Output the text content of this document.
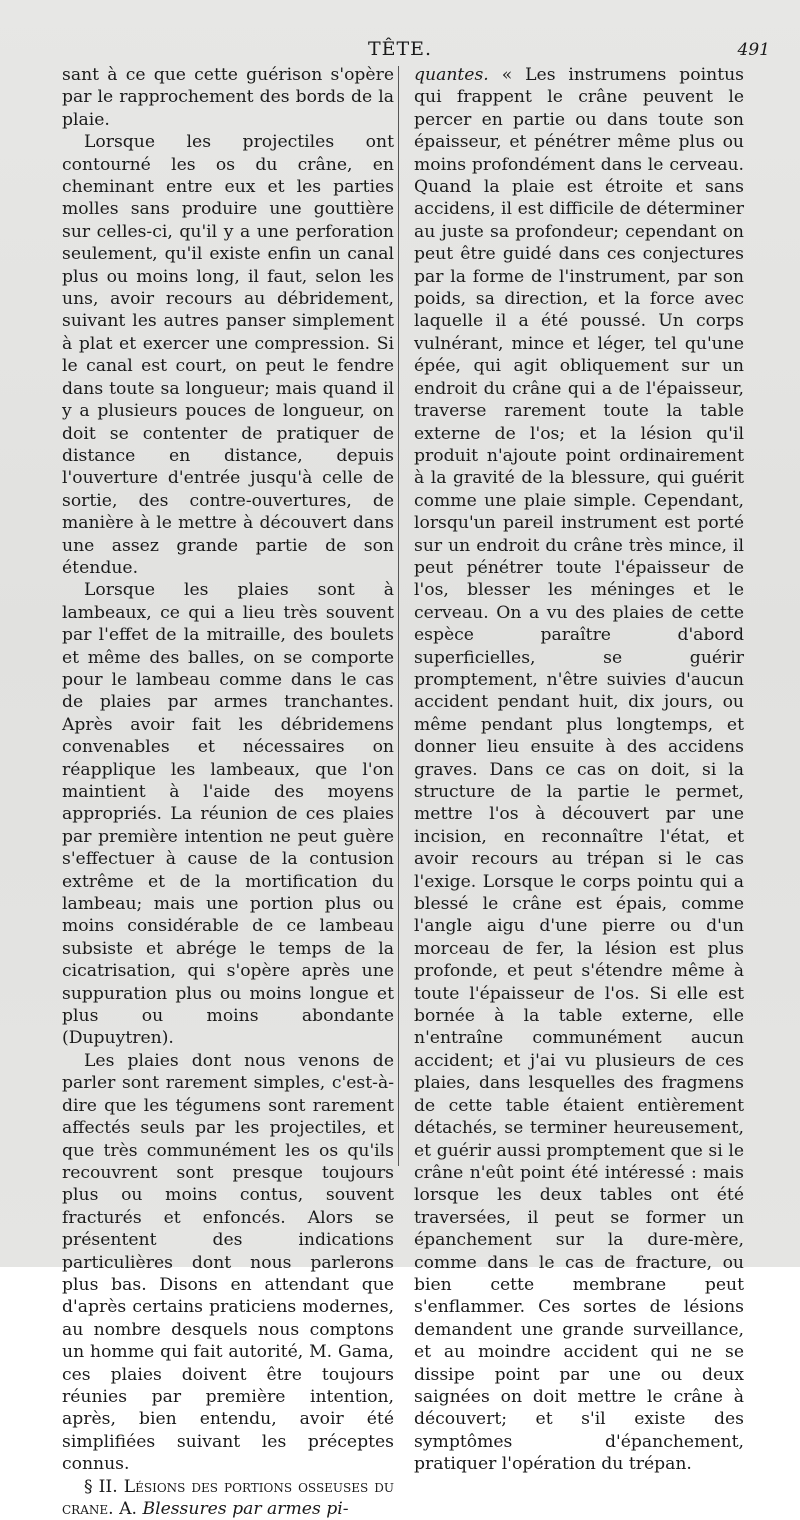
TÊTE.	491

sant à ce que cette guérison s'opère par le rapprochement des bords de la plaie.

Lorsque les projectiles ont contourné les os du crâne, en cheminant entre eux et les parties molles sans produire une gouttière sur celles-ci, qu'il y a une perforation seulement, qu'il existe enfin un canal plus ou moins long, il faut, selon les uns, avoir recours au débridement, suivant les autres panser simplement à plat et exercer une compression. Si le canal est court, on peut le fendre dans toute sa longueur; mais quand il y a plusieurs pouces de longueur, on doit se contenter de pratiquer de distance en distance, depuis l'ouverture d'entrée jusqu'à celle de sortie, des contre-ouvertures, de manière à le mettre à découvert dans une assez grande partie de son étendue.

Lorsque les plaies sont à lambeaux, ce qui a lieu très souvent par l'effet de la mitraille, des boulets et même des balles, on se comporte pour le lambeau comme dans le cas de plaies par armes tranchantes. Après avoir fait les débridemens convenables et nécessaires on réapplique les lambeaux, que l'on maintient à l'aide des moyens appropriés. La réunion de ces plaies par première intention ne peut guère s'effectuer à cause de la contusion extrême et de la mortification du lambeau; mais une portion plus ou moins considérable de ce lambeau subsiste et abrége le temps de la cicatrisation, qui s'opère après une suppuration plus ou moins longue et plus ou moins abondante (Dupuytren).

Les plaies dont nous venons de parler sont rarement simples, c'est-à-dire que les tégumens sont rarement affectés seuls par les projectiles, et que très communément les os qu'ils recouvrent sont presque toujours plus ou moins contus, souvent fracturés et enfoncés. Alors se présentent des indications particulières dont nous parlerons plus bas. Disons en attendant que d'après certains praticiens modernes, au nombre desquels nous comptons un homme qui fait autorité, M. Gama, ces plaies doivent être toujours réunies par première intention, après, bien entendu, avoir été simplifiées suivant les préceptes connus.

§ II. Lésions des portions osseuses du crane. A. Blessures par armes pi-

quantes. « Les instrumens pointus qui frappent le crâne peuvent le percer en partie ou dans toute son épaisseur, et pénétrer même plus ou moins profondément dans le cerveau. Quand la plaie est étroite et sans accidens, il est difficile de déterminer au juste sa profondeur; cependant on peut être guidé dans ces conjectures par la forme de l'instrument, par son poids, sa direction, et la force avec laquelle il a été poussé. Un corps vulnérant, mince et léger, tel qu'une épée, qui agit obliquement sur un endroit du crâne qui a de l'épaisseur, traverse rarement toute la table externe de l'os; et la lésion qu'il produit n'ajoute point ordinairement à la gravité de la blessure, qui guérit comme une plaie simple. Cependant, lorsqu'un pareil instrument est porté sur un endroit du crâne très mince, il peut pénétrer toute l'épaisseur de l'os, blesser les méninges et le cerveau. On a vu des plaies de cette espèce paraître d'abord superficielles, se guérir promptement, n'être suivies d'aucun accident pendant huit, dix jours, ou même pendant plus longtemps, et donner lieu ensuite à des accidens graves. Dans ce cas on doit, si la structure de la partie le permet, mettre l'os à découvert par une incision, en reconnaître l'état, et avoir recours au trépan si le cas l'exige. Lorsque le corps pointu qui a blessé le crâne est épais, comme l'angle aigu d'une pierre ou d'un morceau de fer, la lésion est plus profonde, et peut s'étendre même à toute l'épaisseur de l'os. Si elle est bornée à la table externe, elle n'entraîne communément aucun accident; et j'ai vu plusieurs de ces plaies, dans lesquelles des fragmens de cette table étaient entièrement détachés, se terminer heureusement, et guérir aussi promptement que si le crâne n'eût point été intéressé : mais lorsque les deux tables ont été traversées, il peut se former un épanchement sur la dure-mère, comme dans le cas de fracture, ou bien cette membrane peut s'enflammer. Ces sortes de lésions demandent une grande surveillance, et au moindre accident qui ne se dissipe point par une ou deux saignées on doit mettre le crâne à découvert; et s'il existe des symptômes d'épanchement, pratiquer l'opération du trépan.
